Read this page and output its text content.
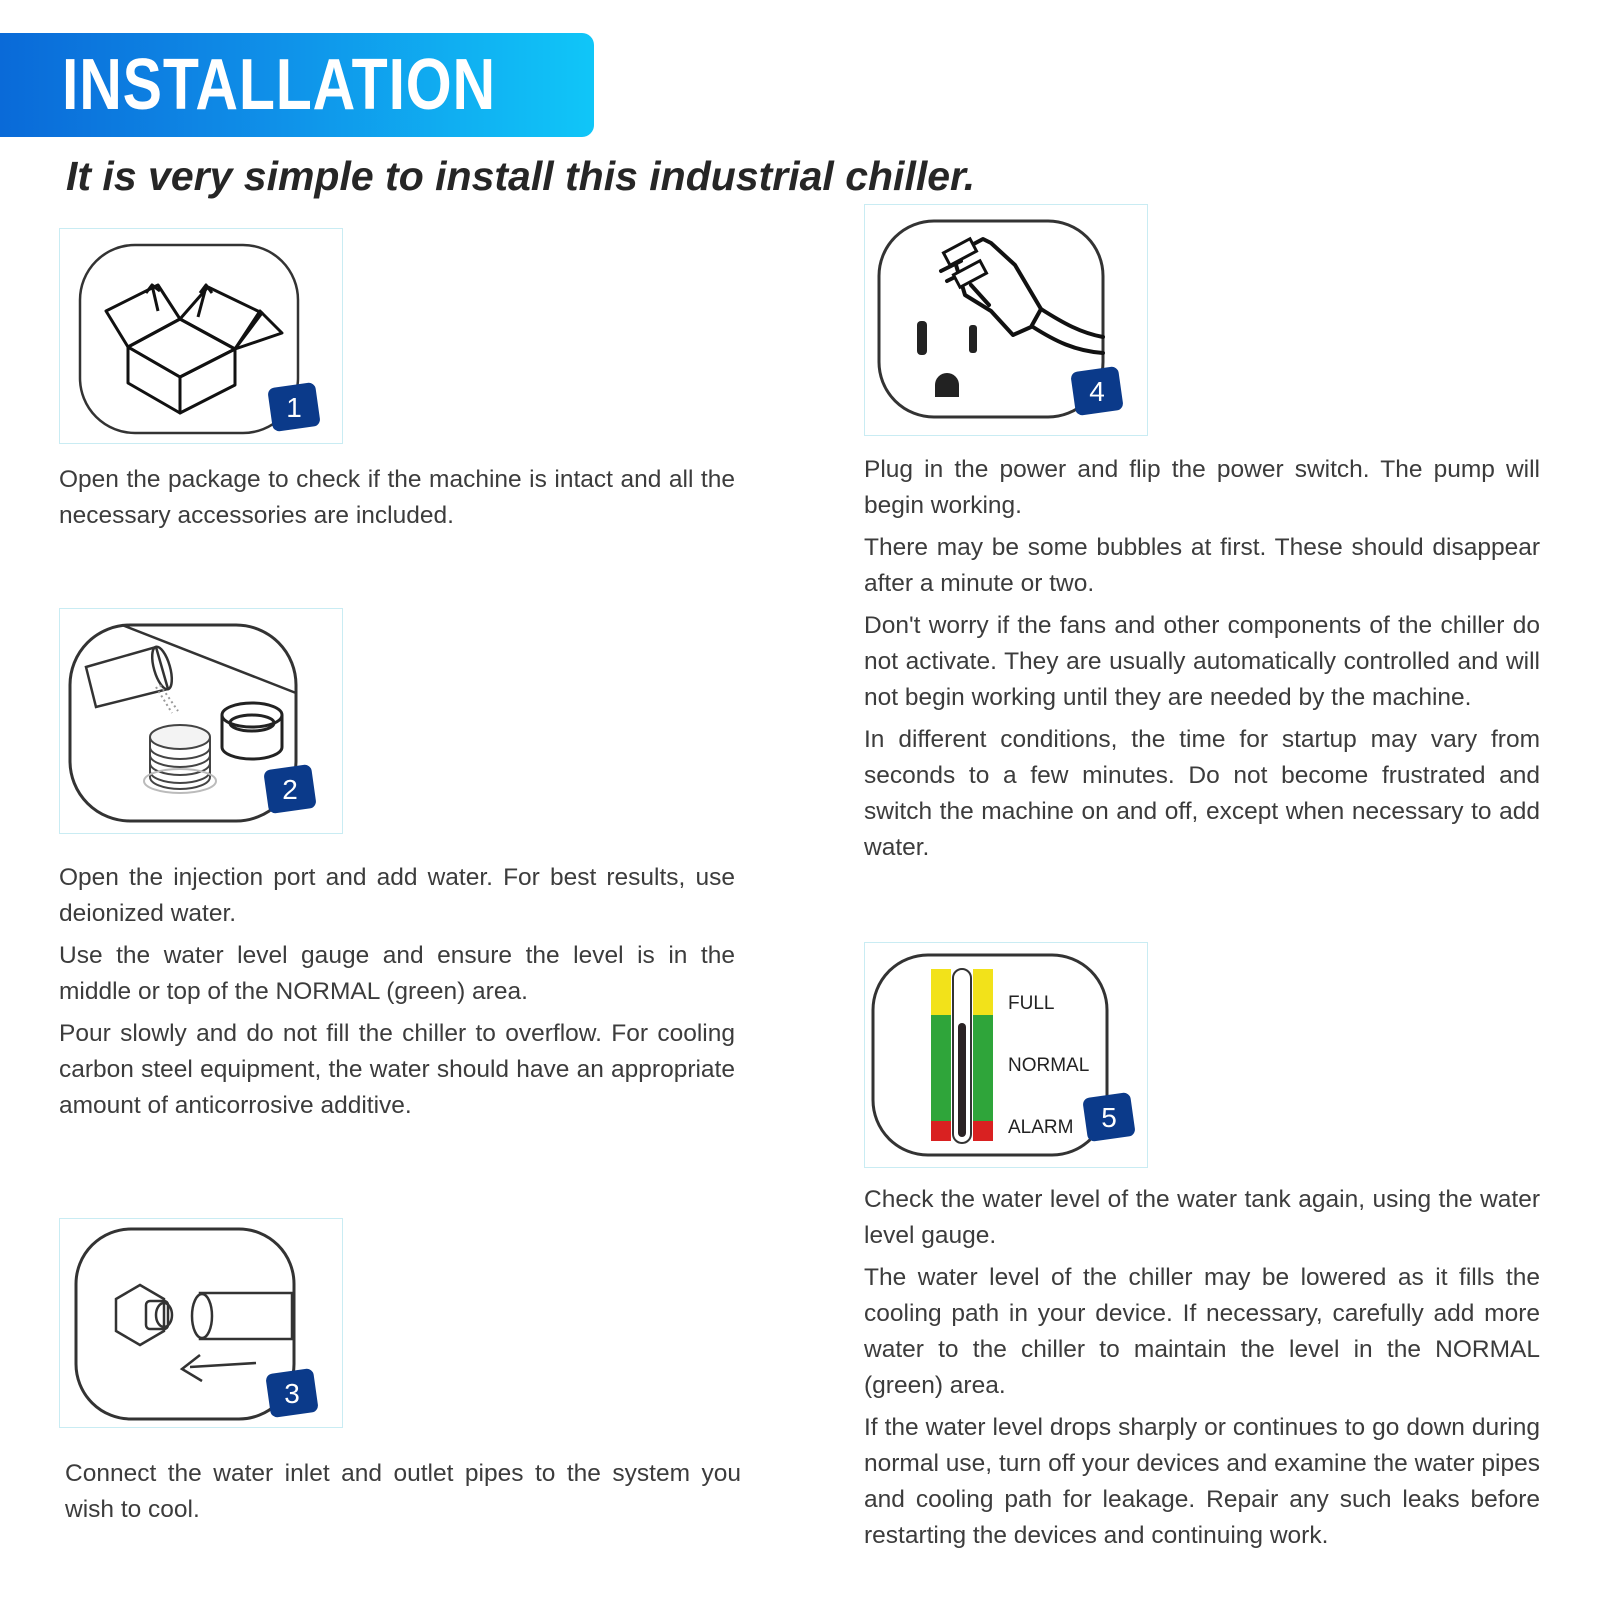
INSTALLATION
It is very simple to install this industrial chiller.
1

Open the package to check if the machine is intact and all the necessary accessories are included.

2

Open the injection port and add water. For best results, use deionized water.

Use the water level gauge and ensure the level is in the middle or top of the NORMAL (green) area.

Pour slowly and do not fill the chiller to overflow. For cooling carbon steel equipment, the water should have an appropriate amount of anticorrosive additive.

3

Connect the water inlet and outlet pipes to the system you wish to cool.

4

Plug in the power and flip the power switch. The pump will begin working.

There may be some bubbles at first. These should disappear after a minute or two.

Don't worry if the fans and other components of the chiller do not activate. They are usually automatically controlled and will not begin working until they are needed by the machine.

In different conditions, the time for startup may vary from seconds to a few minutes. Do not become frustrated and switch the machine on and off, except when necessary to add water.

FULL
NORMAL
ALARM 5

Check the water level of the water tank again, using the water level gauge.

The water level of the chiller may be lowered as it fills the cooling path in your device. If necessary, carefully add more water to the chiller to maintain the level in the NORMAL (green) area.

If the water level drops sharply or continues to go down during normal use, turn off your devices and examine the water pipes and cooling path for leakage. Repair any such leaks before restarting the devices and continuing work.
